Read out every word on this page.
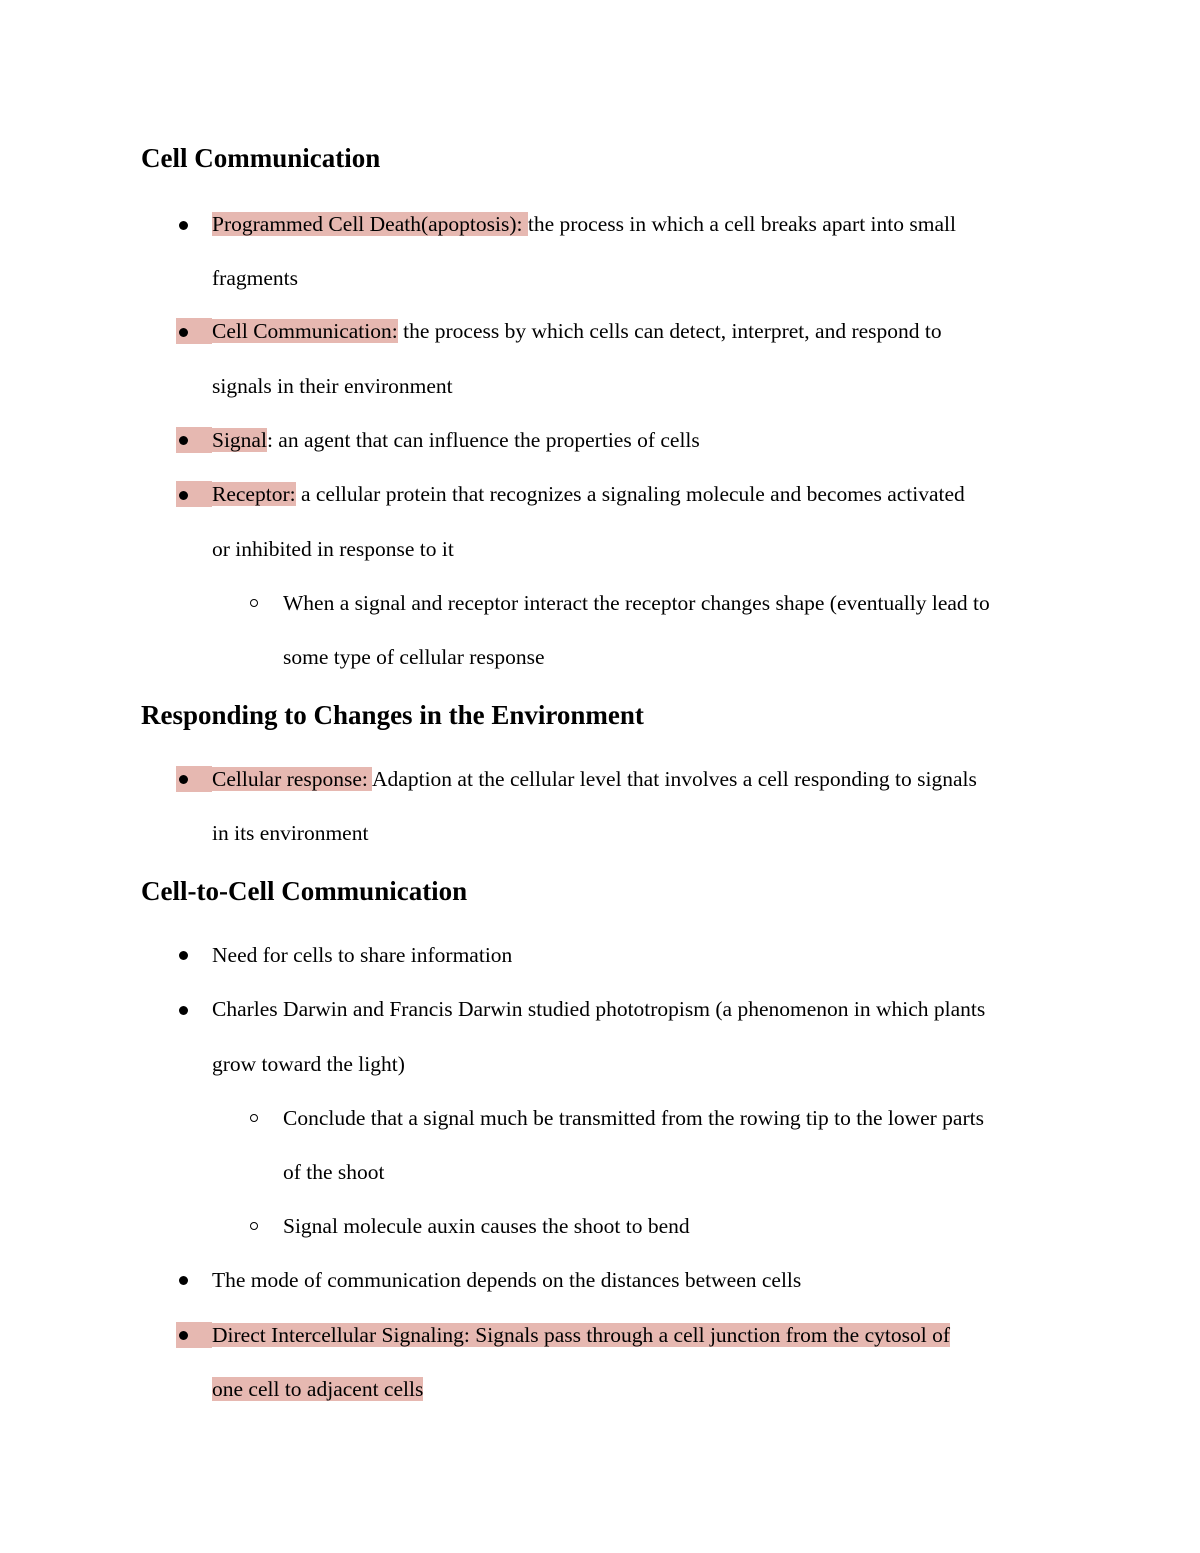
Cell Communication

Programmed Cell Death(apoptosis): the process in which a cell breaks apart into small

fragments

Cell Communication: the process by which cells can detect, interpret, and respond to

signals in their environment

Signal: an agent that can influence the properties of cells

Receptor: a cellular protein that recognizes a signaling molecule and becomes activated

or inhibited in response to it

When a signal and receptor interact the receptor changes shape (eventually lead to

some type of cellular response

Responding to Changes in the Environment

Cellular response: Adaption at the cellular level that involves a cell responding to signals

in its environment

Cell-to-Cell Communication

Need for cells to share information

Charles Darwin and Francis Darwin studied phototropism (a phenomenon in which plants

grow toward the light)

Conclude that a signal much be transmitted from the rowing tip to the lower parts

of the shoot

Signal molecule auxin causes the shoot to bend

The mode of communication depends on the distances between cells

Direct Intercellular Signaling: Signals pass through a cell junction from the cytosol of

one cell to adjacent cells
